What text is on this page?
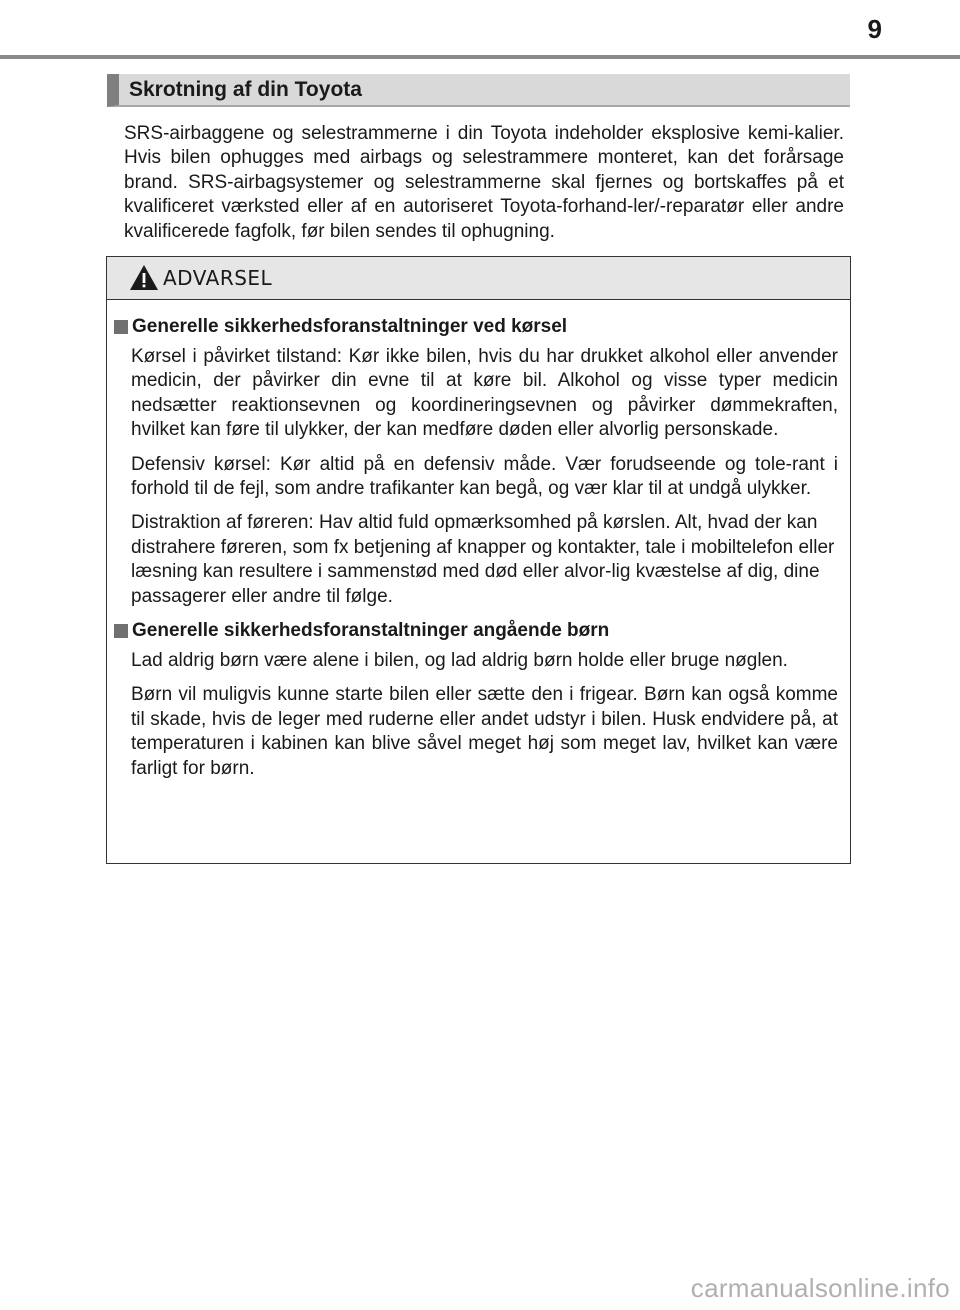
9
Skrotning af din Toyota

SRS-airbaggene og selestrammerne i din Toyota indeholder eksplosive kemi-kalier. Hvis bilen ophugges med airbags og selestrammere monteret, kan det forårsage brand. SRS-airbagsystemer og selestrammerne skal fjernes og bortskaffes på et kvalificeret værksted eller af en autoriseret Toyota-forhand-ler/-reparatør eller andre kvalificerede fagfolk, før bilen sendes til ophugning.

ADVARSEL
Generelle sikkerhedsforanstaltninger ved kørsel

Kørsel i påvirket tilstand: Kør ikke bilen, hvis du har drukket alkohol eller anvender medicin, der påvirker din evne til at køre bil. Alkohol og visse typer medicin nedsætter reaktionsevnen og koordineringsevnen og påvirker dømmekraften, hvilket kan føre til ulykker, der kan medføre døden eller alvorlig personskade.

Defensiv kørsel: Kør altid på en defensiv måde. Vær forudseende og tole-rant i forhold til de fejl, som andre trafikanter kan begå, og vær klar til at undgå ulykker.

Distraktion af føreren: Hav altid fuld opmærksomhed på kørslen. Alt, hvad der kan distrahere føreren, som fx betjening af knapper og kontakter, tale i mobiltelefon eller læsning kan resultere i sammenstød med død eller alvor-lig kvæstelse af dig, dine passagerer eller andre til følge.

Generelle sikkerhedsforanstaltninger angående børn

Lad aldrig børn være alene i bilen, og lad aldrig børn holde eller bruge nøglen.

Børn vil muligvis kunne starte bilen eller sætte den i frigear. Børn kan også komme til skade, hvis de leger med ruderne eller andet udstyr i bilen. Husk endvidere på, at temperaturen i kabinen kan blive såvel meget høj som meget lav, hvilket kan være farligt for børn.

carmanualsonline.info
